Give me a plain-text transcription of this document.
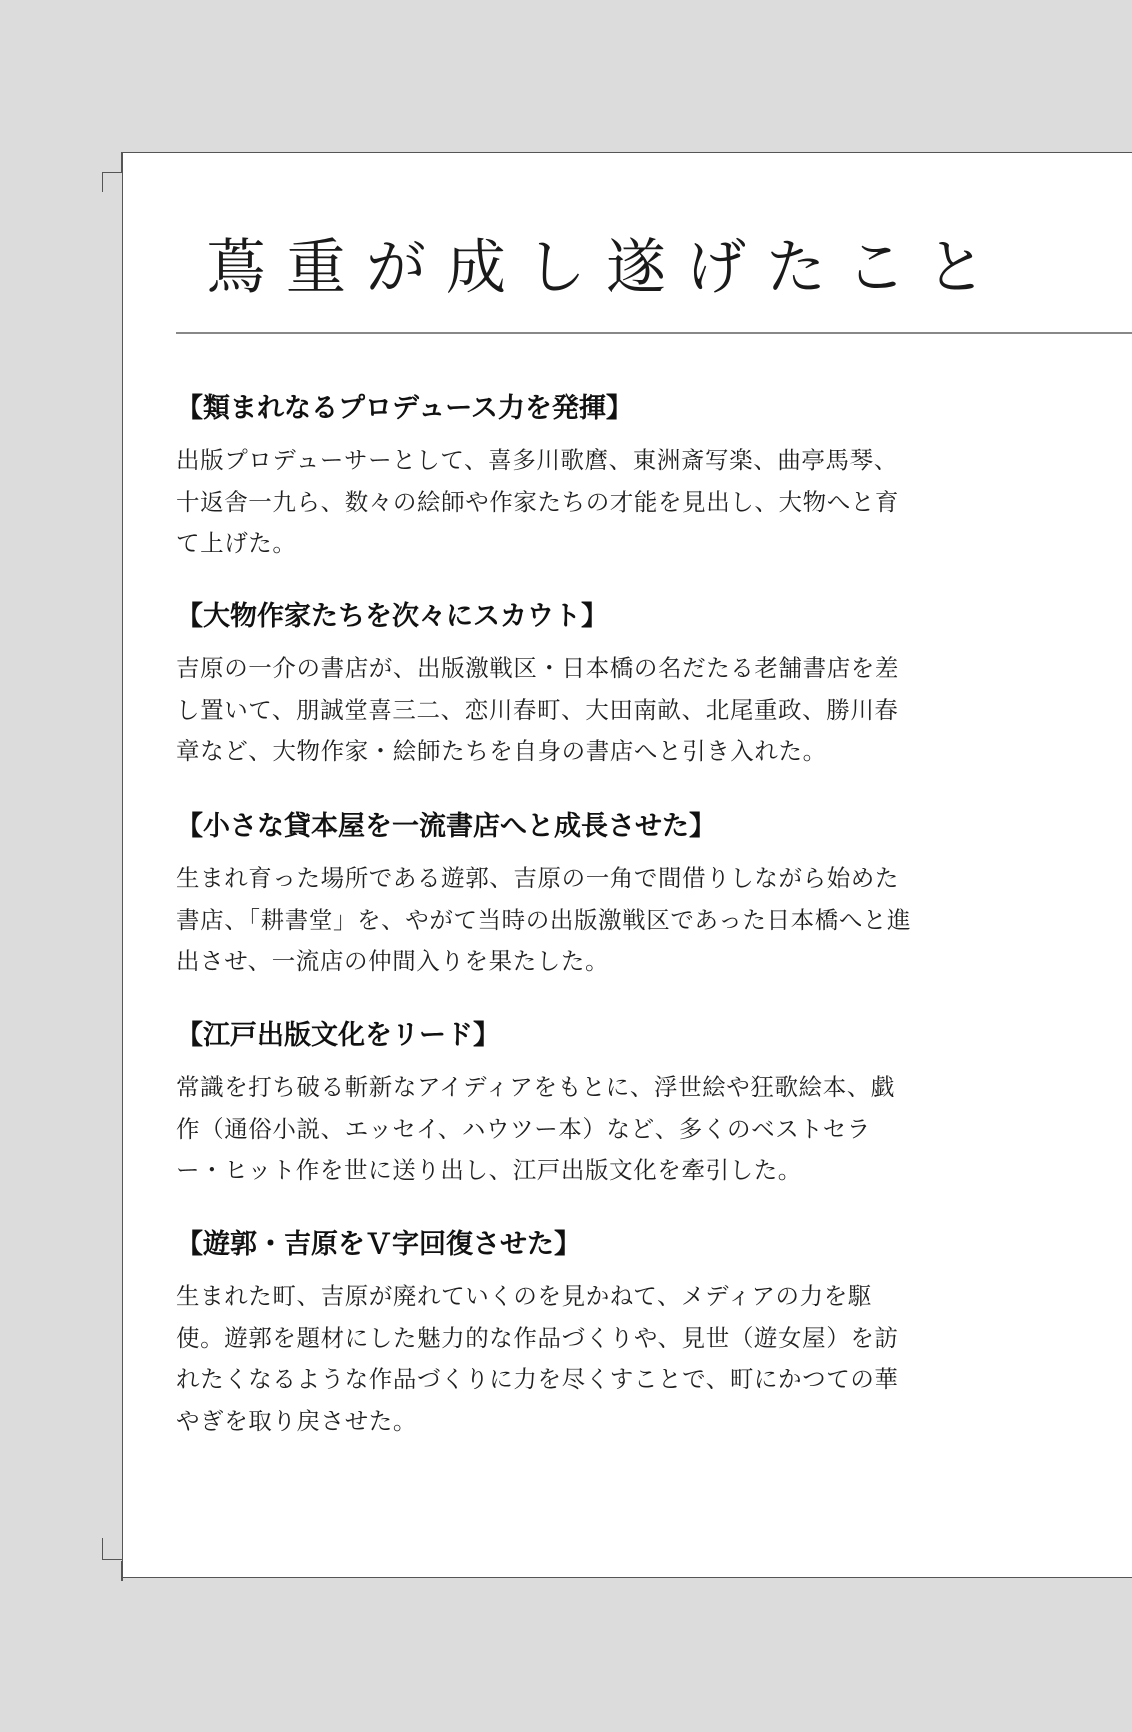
蔦重が成し遂げたこと
【類まれなるプロデュース力を発揮】
出版プロデューサーとして、喜多川歌麿、東洲斎写楽、曲亭馬琴、十返舎一九ら、数々の絵師や作家たちの才能を見出し、大物へと育て上げた。
【大物作家たちを次々にスカウト】
吉原の一介の書店が、出版激戦区・日本橋の名だたる老舗書店を差し置いて、朋誠堂喜三二、恋川春町、大田南畝、北尾重政、勝川春章など、大物作家・絵師たちを自身の書店へと引き入れた。
【小さな貸本屋を一流書店へと成長させた】
生まれ育った場所である遊郭、吉原の一角で間借りしながら始めた書店、「耕書堂」を、やがて当時の出版激戦区であった日本橋へと進出させ、一流店の仲間入りを果たした。
【江戸出版文化をリード】
常識を打ち破る斬新なアイディアをもとに、浮世絵や狂歌絵本、戯作（通俗小説、エッセイ、ハウツー本）など、多くのベストセラー・ヒット作を世に送り出し、江戸出版文化を牽引した。
【遊郭・吉原をＶ字回復させた】
生まれた町、吉原が廃れていくのを見かねて、メディアの力を駆使。遊郭を題材にした魅力的な作品づくりや、見世（遊女屋）を訪れたくなるような作品づくりに力を尽くすことで、町にかつての華やぎを取り戻させた。
